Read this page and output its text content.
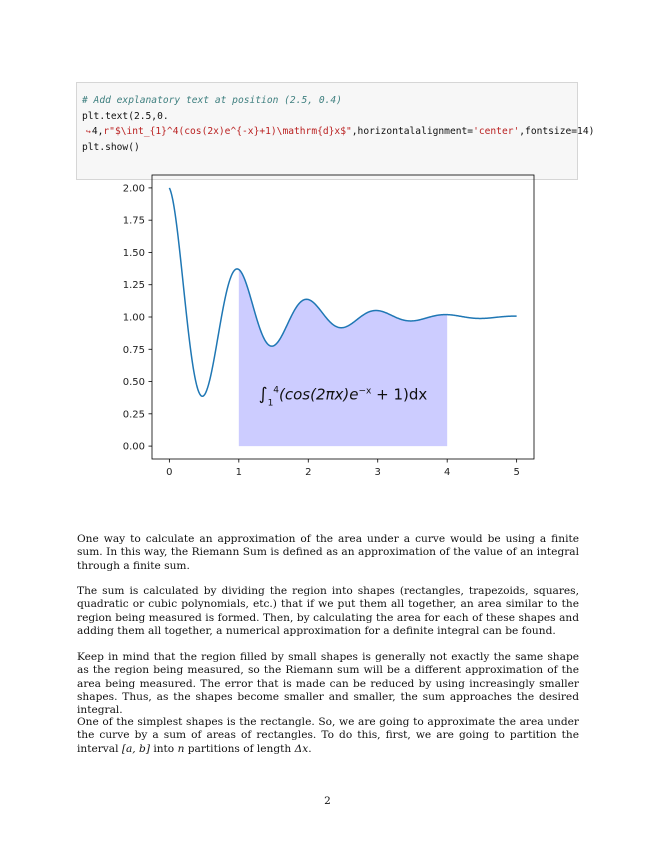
# Add explanatory text at position (2.5, 0.4)
plt.text(2.5,0.
↪4,r"$\int_{1}^4(cos(2x)e^{-x}+1)\mathrm{d}x$",horizontalalignment='center',fontsize=14)
plt.show()
0	1	2	3	4	5
0.00
0.25
0.50
0.75
1.00
1.25
1.50
1.75
2.00
$\int_1^4(\cos(2\pi x)e^{-x} + 1)dx$

One way to calculate an approximation of the area under a curve would be using a finite sum. In this way, the Riemann Sum is defined as an approximation of the value of an integral through a finite sum.

The sum is calculated by dividing the region into shapes (rectangles, trapezoids, squares, quadratic or cubic polynomials, etc.) that if we put them all together, an area similar to the region being measured is formed. Then, by calculating the area for each of these shapes and adding them all together, a numerical approximation for a definite integral can be found.

Keep in mind that the region filled by small shapes is generally not exactly the same shape as the region being measured, so the Riemann sum will be a different approximation of the area being measured. The error that is made can be reduced by using increasingly smaller shapes. Thus, as the shapes become smaller and smaller, the sum approaches the desired integral.

One of the simplest shapes is the rectangle. So, we are going to approximate the area under the curve by a sum of areas of rectangles. To do this, first, we are going to partition the interval [a, b] into n partitions of length Δx.

2
